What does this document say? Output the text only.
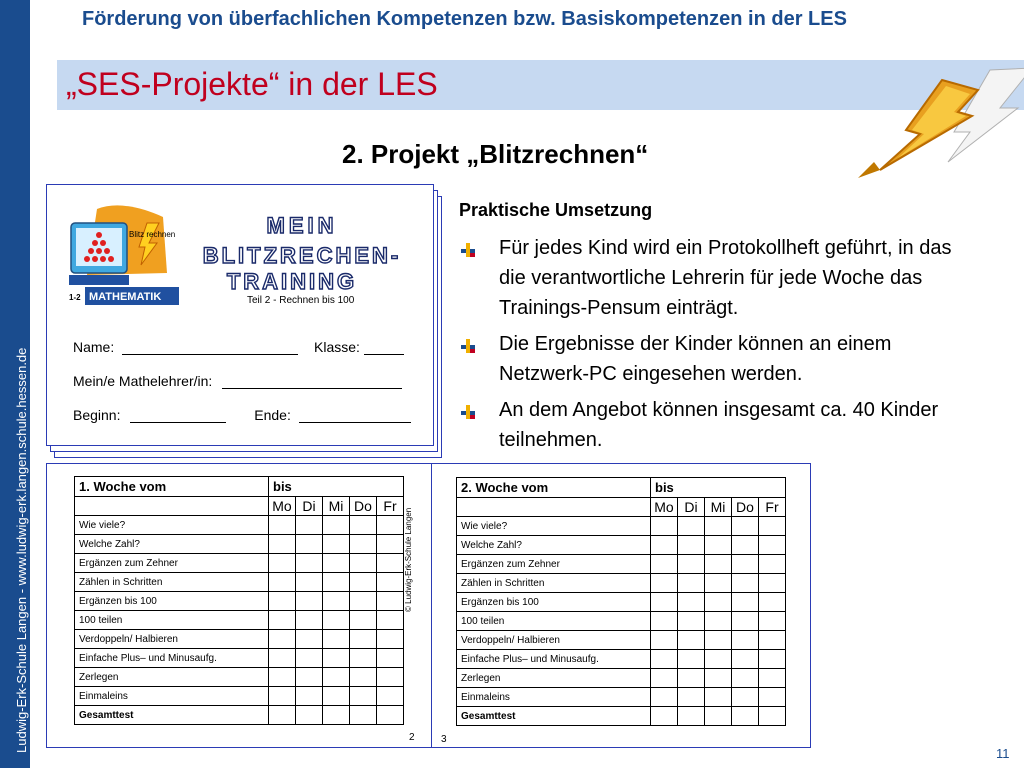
Ludwig-Erk-Schule Langen - www.ludwig-erk.langen.schule.hessen.de
Förderung von überfachlichen Kompetenzen bzw. Basiskompetenzen in der LES
„SES-Projekte“ in der LES
2. Projekt „Blitzrechnen“
Blitz rechnen
MATHEMATIK
1-2
MEIN
BLITZRECHEN-
TRAINING
Teil 2 - Rechnen bis 100
Name:	Klasse:
Mein/e Mathelehrer/in:
Beginn:	Ende:
Praktische Umsetzung
Für jedes Kind wird ein Protokollheft geführt, in das die verantwortliche Lehrerin für jede Woche das Trainings-Pensum einträgt.
Die Ergebnisse der Kinder können an einem Netzwerk-PC eingesehen werden.
An dem Angebot können insgesamt ca. 40 Kinder teilnehmen.
1. Woche vom	bis				
	Mo	Di	Mi	Do	Fr
Wie viele?					
Welche Zahl?					
Ergänzen zum Zehner					
Zählen in Schritten					
Ergänzen bis 100					
100 teilen					
Verdoppeln/ Halbieren					
Einfache Plus– und Minusaufg.					
Zerlegen					
Einmaleins					
Gesamttest					
2. Woche vom	bis				
	Mo	Di	Mi	Do	Fr
Wie viele?					
Welche Zahl?					
Ergänzen zum Zehner					
Zählen in Schritten					
Ergänzen bis 100					
100 teilen					
Verdoppeln/ Halbieren					
Einfache Plus– und Minusaufg.					
Zerlegen					
Einmaleins					
Gesamttest					
© Ludwig-Erk-Schule Langen
2	3
11
